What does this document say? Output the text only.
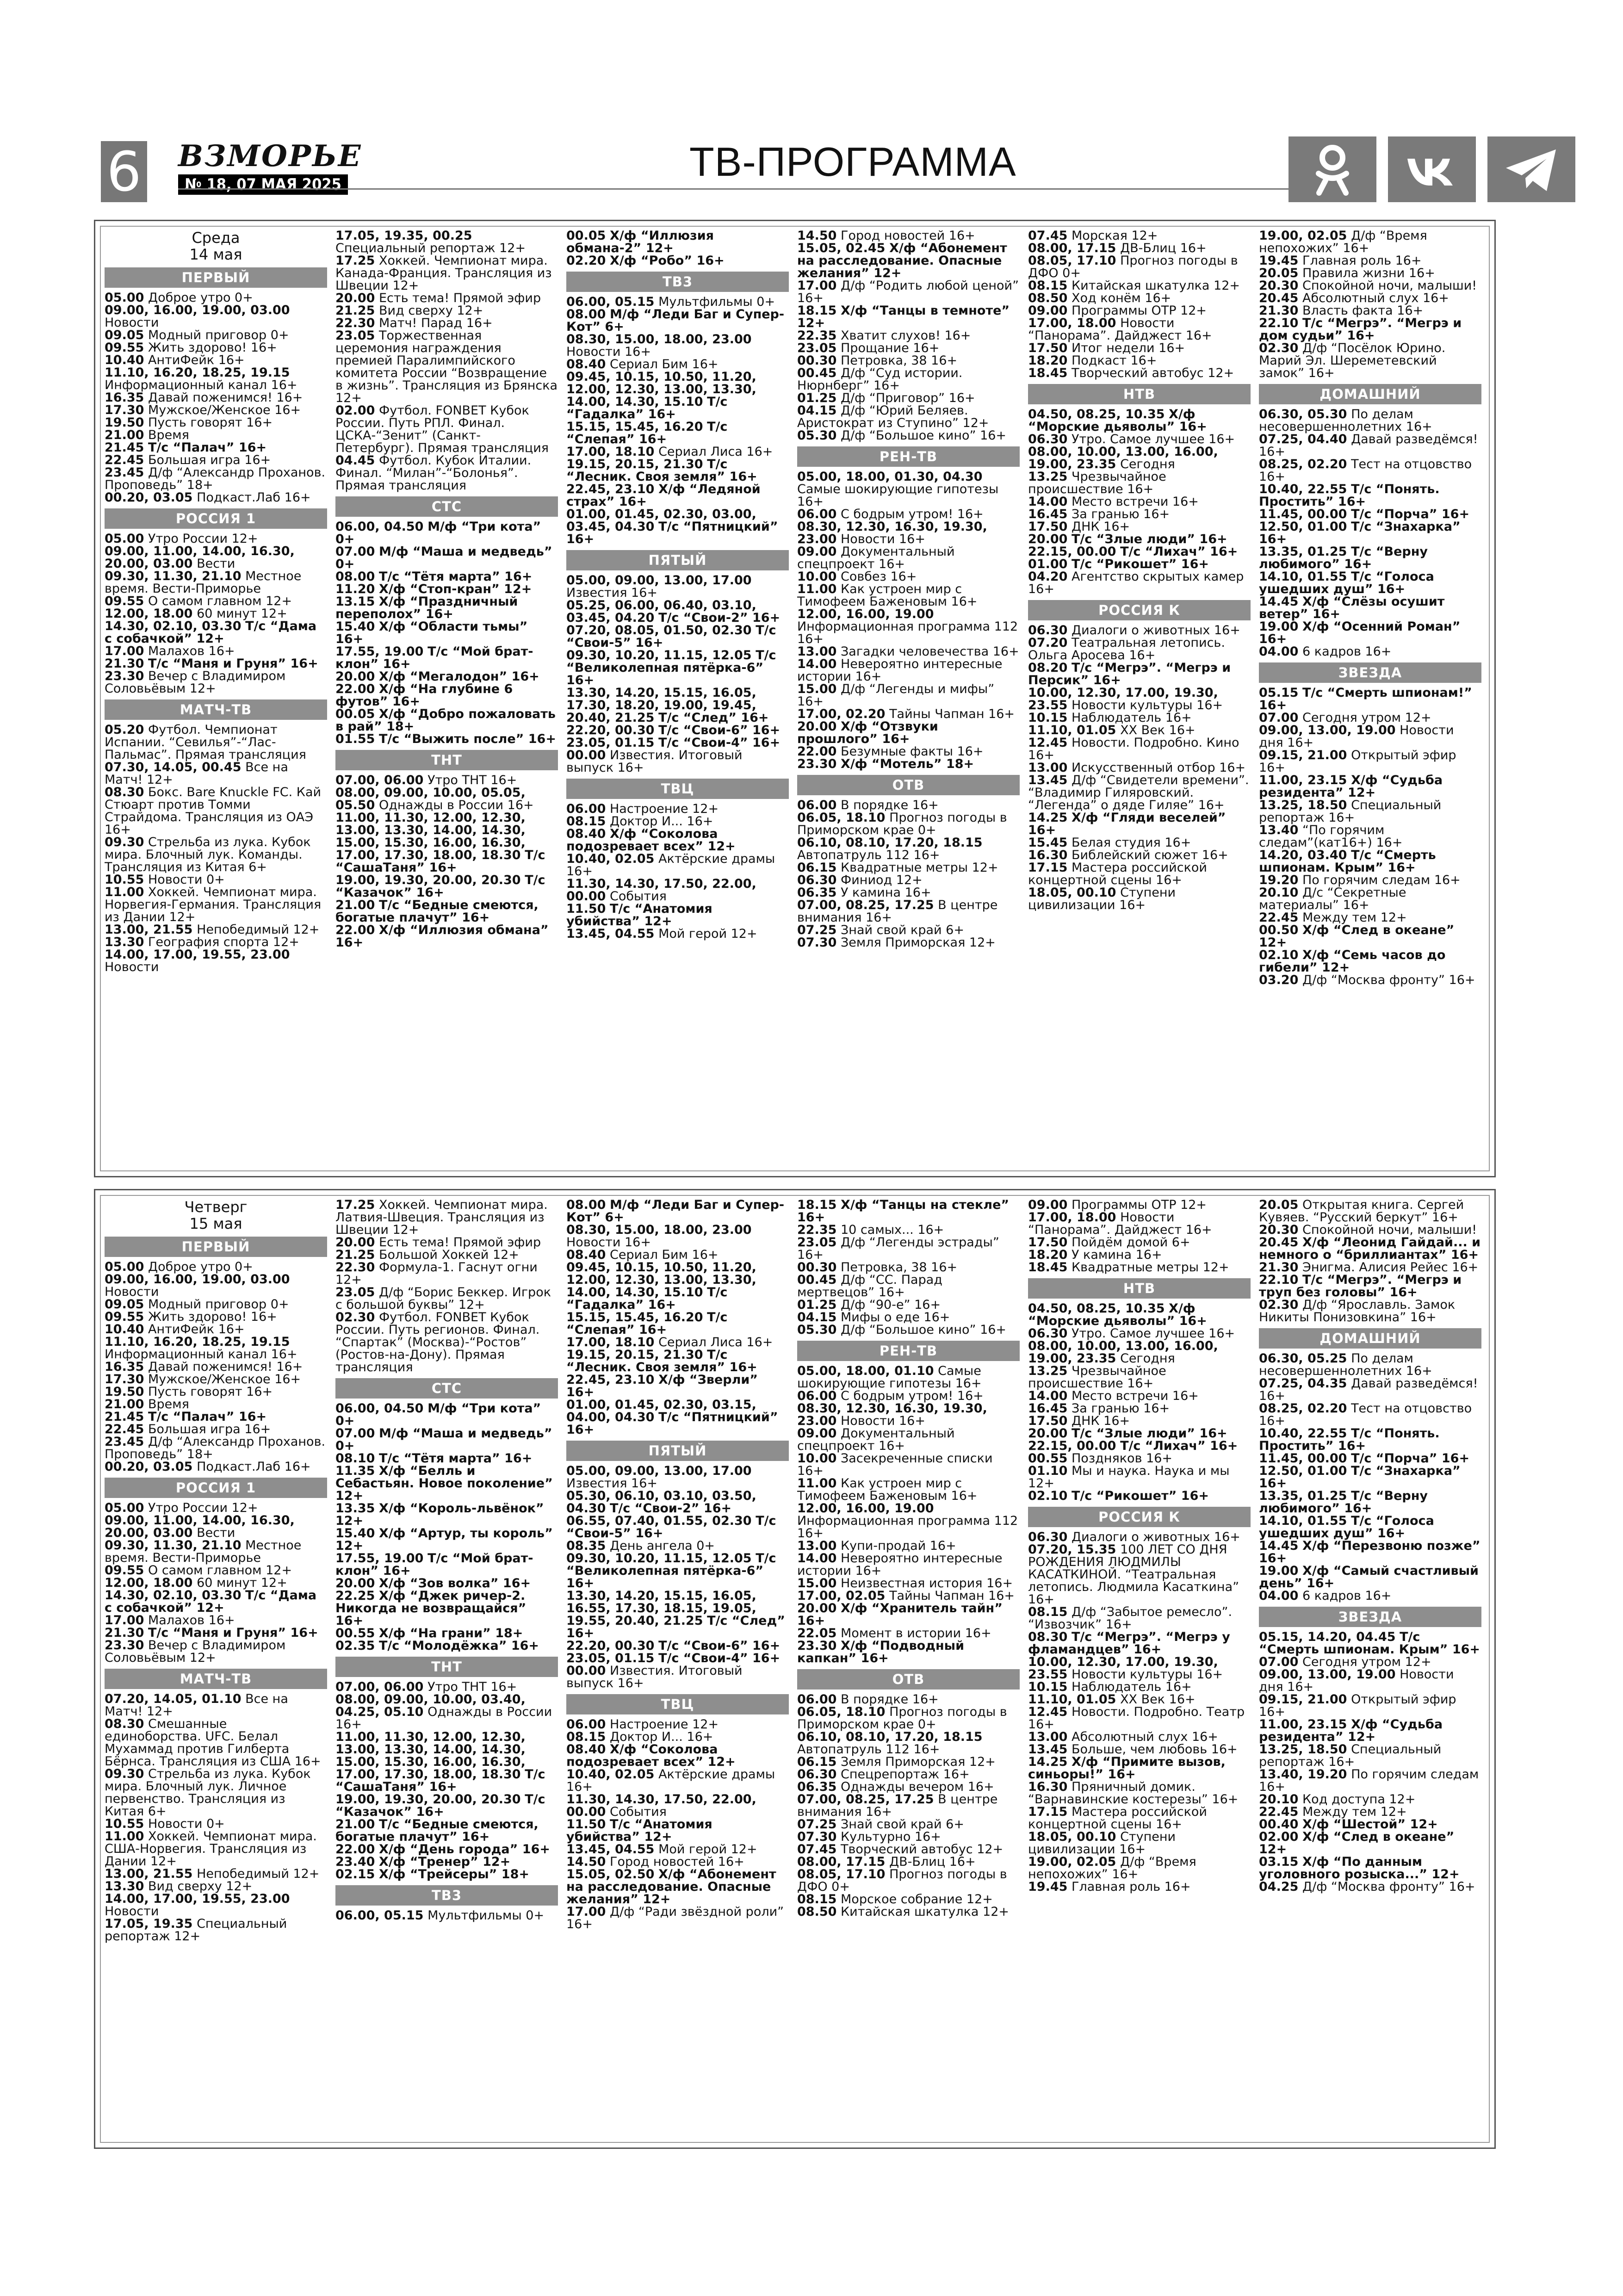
6 ВЗМОРЬЕ
№ 18, 07 МАЯ 2025	ТВ-ПРОГРАММА
Среда
14 мая
ПЕРВЫЙ

05.00 Доброе утро 0+

09.00, 16.00, 19.00, 03.00 Новости

09.05 Модный приговор 0+

09.55 Жить здорово! 16+

10.40 АнтиФейк 16+

11.10, 16.20, 18.25, 19.15 Информационный канал 16+

16.35 Давай поженимся! 16+

17.30 Мужское/Женское 16+

19.50 Пусть говорят 16+

21.00 Время

21.45 Т/с “Палач” 16+

22.45 Большая игра 16+

23.45 Д/ф “Александр Проханов. Проповедь” 18+

00.20, 03.05 Подкаст.Лаб 16+

РОССИЯ 1

05.00 Утро России 12+

09.00, 11.00, 14.00, 16.30, 20.00, 03.00 Вести

09.30, 11.30, 21.10 Местное время. Вести-Приморье

09.55 О самом главном 12+

12.00, 18.00 60 минут 12+

14.30, 02.10, 03.30 Т/с “Дама с собачкой” 12+

17.00 Малахов 16+

21.30 Т/с “Маня и Груня” 16+

23.30 Вечер с Владимиром Соловьёвым 12+

МАТЧ-ТВ

05.20 Футбол. Чемпионат Испании. “Севилья”-“Лас-Пальмас”. Прямая трансляция

07.30, 14.05, 00.45 Все на Матч! 12+

08.30 Бокс. Bare Knuckle FC. Кай Стюарт против Томми Страйдома. Трансляция из ОАЭ 16+

09.30 Стрельба из лука. Кубок мира. Блочный лук. Команды. Трансляция из Китая 6+

10.55 Новости 0+

11.00 Хоккей. Чемпионат мира. Норвегия-Германия. Трансляция из Дании 12+

13.00, 21.55 Непобедимый 12+

13.30 География спорта 12+

14.00, 17.00, 19.55, 23.00 Новости

17.05, 19.35, 00.25 Специальный репортаж 12+

17.25 Хоккей. Чемпионат мира. Канада-Франция. Трансляция из Швеции 12+

20.00 Есть тема! Прямой эфир

21.25 Вид сверху 12+

22.30 Матч! Парад 16+

23.05 Торжественная церемония награждения премией Паралимпийского комитета России “Возвращение в жизнь”. Трансляция из Брянска 12+

02.00 Футбол. FONBET Кубок России. Путь РПЛ. Финал. ЦСКА-“Зенит” (Санкт-Петербург). Прямая трансляция

04.45 Футбол. Кубок Италии. Финал. “Милан”-“Болонья”. Прямая трансляция

СТС

06.00, 04.50 М/ф “Три кота” 0+

07.00 М/ф “Маша и медведь” 0+

08.00 Т/с “Тётя марта” 16+

11.20 Х/ф “Стоп-кран” 12+

13.15 Х/ф “Праздничный переполох” 16+

15.40 Х/ф “Области тьмы” 16+

17.55, 19.00 Т/с “Мой брат-клон” 16+

20.00 Х/ф “Мегалодон” 16+

22.00 Х/ф “На глубине 6 футов” 16+

00.05 Х/ф “Добро пожаловать в рай” 18+

01.55 Т/с “Выжить после” 16+

ТНТ

07.00, 06.00 Утро ТНТ 16+

08.00, 09.00, 10.00, 05.05, 05.50 Однажды в России 16+

11.00, 11.30, 12.00, 12.30, 13.00, 13.30, 14.00, 14.30, 15.00, 15.30, 16.00, 16.30, 17.00, 17.30, 18.00, 18.30 Т/с “СашаТаня” 16+

19.00, 19.30, 20.00, 20.30 Т/с “Казачок” 16+

21.00 Т/с “Бедные смеются, богатые плачут” 16+

22.00 Х/ф “Иллюзия обмана” 16+

00.05 Х/ф “Иллюзия обмана-2” 12+

02.20 Х/ф “Робо” 16+

ТВ3

06.00, 05.15 Мультфильмы 0+

08.00 М/ф “Леди Баг и Супер-Кот” 6+

08.30, 15.00, 18.00, 23.00 Новости 16+

08.40 Сериал Бим 16+

09.45, 10.15, 10.50, 11.20, 12.00, 12.30, 13.00, 13.30, 14.00, 14.30, 15.10 Т/с “Гадалка” 16+

15.15, 15.45, 16.20 Т/с “Слепая” 16+

17.00, 18.10 Сериал Лиса 16+

19.15, 20.15, 21.30 Т/с “Лесник. Своя земля” 16+

22.45, 23.10 Х/ф “Ледяной страх” 16+

01.00, 01.45, 02.30, 03.00, 03.45, 04.30 Т/с “Пятницкий” 16+

ПЯТЫЙ

05.00, 09.00, 13.00, 17.00 Известия 16+

05.25, 06.00, 06.40, 03.10, 03.45, 04.20 Т/с “Свои-2” 16+

07.20, 08.05, 01.50, 02.30 Т/с “Свои-5” 16+

09.30, 10.20, 11.15, 12.05 Т/с “Великолепная пятёрка-6” 16+

13.30, 14.20, 15.15, 16.05, 17.30, 18.20, 19.00, 19.45, 20.40, 21.25 Т/с “След” 16+

22.20, 00.30 Т/с “Свои-6” 16+

23.05, 01.15 Т/с “Свои-4” 16+

00.00 Известия. Итоговый выпуск 16+

ТВЦ

06.00 Настроение 12+

08.15 Доктор И... 16+

08.40 Х/ф “Соколова подозревает всех” 12+

10.40, 02.05 Актёрские драмы 16+

11.30, 14.30, 17.50, 22.00, 00.00 События

11.50 Т/с “Анатомия убийства” 12+

13.45, 04.55 Мой герой 12+

14.50 Город новостей 16+

15.05, 02.45 Х/ф “Абонемент на расследование. Опасные желания” 12+

17.00 Д/ф “Родить любой ценой” 16+

18.15 Х/ф “Танцы в темноте” 12+

22.35 Хватит слухов! 16+

23.05 Прощание 16+

00.30 Петровка, 38 16+

00.45 Д/ф “Суд истории. Нюрнберг” 16+

01.25 Д/ф “Приговор” 16+

04.15 Д/ф “Юрий Беляев. Аристократ из Ступино” 12+

05.30 Д/ф “Большое кино” 16+

РЕН-ТВ

05.00, 18.00, 01.30, 04.30 Самые шокирующие гипотезы 16+

06.00 С бодрым утром! 16+

08.30, 12.30, 16.30, 19.30, 23.00 Новости 16+

09.00 Документальный спецпроект 16+

10.00 Совбез 16+

11.00 Как устроен мир с Тимофеем Баженовым 16+

12.00, 16.00, 19.00 Информационная программа 112 16+

13.00 Загадки человечества 16+

14.00 Невероятно интересные истории 16+

15.00 Д/ф “Легенды и мифы” 16+

17.00, 02.20 Тайны Чапман 16+

20.00 Х/ф “Отзвуки прошлого” 16+

22.00 Безумные факты 16+

23.30 Х/ф “Мотель” 18+

ОТВ

06.00 В порядке 16+

06.05, 18.10 Прогноз погоды в Приморском крае 0+

06.10, 08.10, 17.20, 18.15 Автопатруль 112 16+

06.15 Квадратные метры 12+

06.30 Финиод 12+

06.35 У камина 16+

07.00, 08.25, 17.25 В центре внимания 16+

07.25 Знай свой край 6+

07.30 Земля Приморская 12+

07.45 Морская 12+

08.00, 17.15 ДВ-Блиц 16+

08.05, 17.10 Прогноз погоды в ДФО 0+

08.15 Китайская шкатулка 12+

08.50 Ход конём 16+

09.00 Программы ОТР 12+

17.00, 18.00 Новости “Панорама”. Дайджест 16+

17.50 Итог недели 16+

18.20 Подкаст 16+

18.45 Творческий автобус 12+

НТВ

04.50, 08.25, 10.35 Х/ф “Морские дьяволы” 16+

06.30 Утро. Самое лучшее 16+

08.00, 10.00, 13.00, 16.00, 19.00, 23.35 Сегодня

13.25 Чрезвычайное происшествие 16+

14.00 Место встречи 16+

16.45 За гранью 16+

17.50 ДНК 16+

20.00 Т/с “Злые люди” 16+

22.15, 00.00 Т/с “Лихач” 16+

01.00 Т/с “Рикошет” 16+

04.20 Агентство скрытых камер 16+

РОССИЯ К

06.30 Диалоги о животных 16+

07.20 Театральная летопись. Ольга Аросева 16+

08.20 Т/с “Мегрэ”. “Мегрэ и Персик” 16+

10.00, 12.30, 17.00, 19.30, 23.55 Новости культуры 16+

10.15 Наблюдатель 16+

11.10, 01.05 XX Век 16+

12.45 Новости. Подробно. Кино 16+

13.00 Искусственный отбор 16+

13.45 Д/ф “Свидетели времени”. “Владимир Гиляровский. “Легенда” о дяде Гиляе” 16+

14.25 Х/ф “Гляди веселей” 16+

15.45 Белая студия 16+

16.30 Библейский сюжет 16+

17.15 Мастера российской концертной сцены 16+

18.05, 00.10 Ступени цивилизации 16+

19.00, 02.05 Д/ф “Время непохожих” 16+

19.45 Главная роль 16+

20.05 Правила жизни 16+

20.30 Спокойной ночи, малыши!

20.45 Абсолютный слух 16+

21.30 Власть факта 16+

22.10 Т/с “Мегрэ”. “Мегрэ и дом судьи” 16+

02.30 Д/ф “Посёлок Юрино. Марий Эл. Шереметевский замок” 16+

ДОМАШНИЙ

06.30, 05.30 По делам несовершеннолетних 16+

07.25, 04.40 Давай разведёмся! 16+

08.25, 02.20 Тест на отцовство 16+

10.40, 22.55 Т/с “Понять. Простить” 16+

11.45, 00.00 Т/с “Порча” 16+

12.50, 01.00 Т/с “Знахарка” 16+

13.35, 01.25 Т/с “Верну любимого” 16+

14.10, 01.55 Т/с “Голоса ушедших душ” 16+

14.45 Х/ф “Слёзы осушит ветер” 16+

19.00 Х/ф “Осенний Роман” 16+

04.00 6 кадров 16+

ЗВЕЗДА

05.15 Т/с “Смерть шпионам!” 16+

07.00 Сегодня утром 12+

09.00, 13.00, 19.00 Новости дня 16+

09.15, 21.00 Открытый эфир 16+

11.00, 23.15 Х/ф “Судьба резидента” 12+

13.25, 18.50 Специальный репортаж 16+

13.40 “По горячим следам”(кат16+) 16+

14.20, 03.40 Т/с “Смерть шпионам. Крым” 16+

19.20 По горячим следам 16+

20.10 Д/с “Секретные материалы” 16+

22.45 Между тем 12+

00.50 Х/ф “След в океане” 12+

02.10 Х/ф “Семь часов до гибели” 12+

03.20 Д/ф “Москва фронту” 16+

Четверг
15 мая
ПЕРВЫЙ

05.00 Доброе утро 0+

09.00, 16.00, 19.00, 03.00 Новости

09.05 Модный приговор 0+

09.55 Жить здорово! 16+

10.40 АнтиФейк 16+

11.10, 16.20, 18.25, 19.15 Информационный канал 16+

16.35 Давай поженимся! 16+

17.30 Мужское/Женское 16+

19.50 Пусть говорят 16+

21.00 Время

21.45 Т/с “Палач” 16+

22.45 Большая игра 16+

23.45 Д/ф “Александр Проханов. Проповедь” 18+

00.20, 03.05 Подкаст.Лаб 16+

РОССИЯ 1

05.00 Утро России 12+

09.00, 11.00, 14.00, 16.30, 20.00, 03.00 Вести

09.30, 11.30, 21.10 Местное время. Вести-Приморье

09.55 О самом главном 12+

12.00, 18.00 60 минут 12+

14.30, 02.10, 03.30 Т/с “Дама с собачкой” 12+

17.00 Малахов 16+

21.30 Т/с “Маня и Груня” 16+

23.30 Вечер с Владимиром Соловьёвым 12+

МАТЧ-ТВ

07.20, 14.05, 01.10 Все на Матч! 12+

08.30 Смешанные единоборства. UFC. Белал Мухаммад против Гилберта Бёрнса. Трансляция из США 16+

09.30 Стрельба из лука. Кубок мира. Блочный лук. Личное первенство. Трансляция из Китая 6+

10.55 Новости 0+

11.00 Хоккей. Чемпионат мира. США-Норвегия. Трансляция из Дании 12+

13.00, 21.55 Непобедимый 12+

13.30 Вид сверху 12+

14.00, 17.00, 19.55, 23.00 Новости

17.05, 19.35 Специальный репортаж 12+

17.25 Хоккей. Чемпионат мира. Латвия-Швеция. Трансляция из Швеции 12+

20.00 Есть тема! Прямой эфир

21.25 Большой Хоккей 12+

22.30 Формула-1. Гаснут огни 12+

23.05 Д/ф “Борис Беккер. Игрок с большой буквы” 12+

02.30 Футбол. FONBET Кубок России. Путь регионов. Финал. “Спартак” (Москва)-“Ростов” (Ростов-на-Дону). Прямая трансляция

СТС

06.00, 04.50 М/ф “Три кота” 0+

07.00 М/ф “Маша и медведь” 0+

08.10 Т/с “Тётя марта” 16+

11.35 Х/ф “Белль и Себастьян. Новое поколение” 12+

13.35 Х/ф “Король-львёнок” 12+

15.40 Х/ф “Артур, ты король” 12+

17.55, 19.00 Т/с “Мой брат-клон” 16+

20.00 Х/ф “Зов волка” 16+

22.25 Х/ф “Джек ричер-2. Никогда не возвращайся” 16+

00.55 Х/ф “На грани” 18+

02.35 Т/с “Молодёжка” 16+

ТНТ

07.00, 06.00 Утро ТНТ 16+

08.00, 09.00, 10.00, 03.40, 04.25, 05.10 Однажды в России 16+

11.00, 11.30, 12.00, 12.30, 13.00, 13.30, 14.00, 14.30, 15.00, 15.30, 16.00, 16.30, 17.00, 17.30, 18.00, 18.30 Т/с “СашаТаня” 16+

19.00, 19.30, 20.00, 20.30 Т/с “Казачок” 16+

21.00 Т/с “Бедные смеются, богатые плачут” 16+

22.00 Х/ф “День города” 16+

23.40 Х/ф “Тренер” 12+

02.15 Х/ф “Трейсеры” 18+

ТВ3

06.00, 05.15 Мультфильмы 0+

08.00 М/ф “Леди Баг и Супер-Кот” 6+

08.30, 15.00, 18.00, 23.00 Новости 16+

08.40 Сериал Бим 16+

09.45, 10.15, 10.50, 11.20, 12.00, 12.30, 13.00, 13.30, 14.00, 14.30, 15.10 Т/с “Гадалка” 16+

15.15, 15.45, 16.20 Т/с “Слепая” 16+

17.00, 18.10 Сериал Лиса 16+

19.15, 20.15, 21.30 Т/с “Лесник. Своя земля” 16+

22.45, 23.10 Х/ф “Зверли” 16+

01.00, 01.45, 02.30, 03.15, 04.00, 04.30 Т/с “Пятницкий” 16+

ПЯТЫЙ

05.00, 09.00, 13.00, 17.00 Известия 16+

05.30, 06.10, 03.10, 03.50, 04.30 Т/с “Свои-2” 16+

06.55, 07.40, 01.55, 02.30 Т/с “Свои-5” 16+

08.35 День ангела 0+

09.30, 10.20, 11.15, 12.05 Т/с “Великолепная пятёрка-6” 16+

13.30, 14.20, 15.15, 16.05, 16.55, 17.30, 18.15, 19.05, 19.55, 20.40, 21.25 Т/с “След” 16+

22.20, 00.30 Т/с “Свои-6” 16+

23.05, 01.15 Т/с “Свои-4” 16+

00.00 Известия. Итоговый выпуск 16+

ТВЦ

06.00 Настроение 12+

08.15 Доктор И... 16+

08.40 Х/ф “Соколова подозревает всех” 12+

10.40, 02.05 Актёрские драмы 16+

11.30, 14.30, 17.50, 22.00, 00.00 События

11.50 Т/с “Анатомия убийства” 12+

13.45, 04.55 Мой герой 12+

14.50 Город новостей 16+

15.05, 02.50 Х/ф “Абонемент на расследование. Опасные желания” 12+

17.00 Д/ф “Ради звёздной роли” 16+

18.15 Х/ф “Танцы на стекле” 16+

22.35 10 самых... 16+

23.05 Д/ф “Легенды эстрады” 16+

00.30 Петровка, 38 16+

00.45 Д/ф “СС. Парад мертвецов” 16+

01.25 Д/ф “90-е” 16+

04.15 Мифы о еде 16+

05.30 Д/ф “Большое кино” 16+

РЕН-ТВ

05.00, 18.00, 01.10 Самые шокирующие гипотезы 16+

06.00 С бодрым утром! 16+

08.30, 12.30, 16.30, 19.30, 23.00 Новости 16+

09.00 Документальный спецпроект 16+

10.00 Засекреченные списки 16+

11.00 Как устроен мир с Тимофеем Баженовым 16+

12.00, 16.00, 19.00 Информационная программа 112 16+

13.00 Купи-продай 16+

14.00 Невероятно интересные истории 16+

15.00 Неизвестная история 16+

17.00, 02.05 Тайны Чапман 16+

20.00 Х/ф “Хранитель тайн” 16+

22.05 Момент в истории 16+

23.30 Х/ф “Подводный капкан” 16+

ОТВ

06.00 В порядке 16+

06.05, 18.10 Прогноз погоды в Приморском крае 0+

06.10, 08.10, 17.20, 18.15 Автопатруль 112 16+

06.15 Земля Приморская 12+

06.30 Спецрепортаж 16+

06.35 Однажды вечером 16+

07.00, 08.25, 17.25 В центре внимания 16+

07.25 Знай свой край 6+

07.30 Культурно 16+

07.45 Творческий автобус 12+

08.00, 17.15 ДВ-Блиц 16+

08.05, 17.10 Прогноз погоды в ДФО 0+

08.15 Морское собрание 12+

08.50 Китайская шкатулка 12+

09.00 Программы ОТР 12+

17.00, 18.00 Новости “Панорама”. Дайджест 16+

17.50 Пойдём домой 6+

18.20 У камина 16+

18.45 Квадратные метры 12+

НТВ

04.50, 08.25, 10.35 Х/ф “Морские дьяволы” 16+

06.30 Утро. Самое лучшее 16+

08.00, 10.00, 13.00, 16.00, 19.00, 23.35 Сегодня

13.25 Чрезвычайное происшествие 16+

14.00 Место встречи 16+

16.45 За гранью 16+

17.50 ДНК 16+

20.00 Т/с “Злые люди” 16+

22.15, 00.00 Т/с “Лихач” 16+

00.55 Поздняков 16+

01.10 Мы и наука. Наука и мы 12+

02.10 Т/с “Рикошет” 16+

РОССИЯ К

06.30 Диалоги о животных 16+

07.20, 15.35 100 ЛЕТ СО ДНЯ РОЖДЕНИЯ ЛЮДМИЛЫ КАСАТКИНОЙ. “Театральная летопись. Людмила Касаткина” 16+

08.15 Д/ф “Забытое ремесло”. “Извозчик” 16+

08.30 Т/с “Мегрэ”. “Мегрэ у фламандцев” 16+

10.00, 12.30, 17.00, 19.30, 23.55 Новости культуры 16+

10.15 Наблюдатель 16+

11.10, 01.05 XX Век 16+

12.45 Новости. Подробно. Театр 16+

13.00 Абсолютный слух 16+

13.45 Больше, чем любовь 16+

14.25 Х/ф “Примите вызов, синьоры!” 16+

16.30 Пряничный домик. “Варнавинские костерезы” 16+

17.15 Мастера российской концертной сцены 16+

18.05, 00.10 Ступени цивилизации 16+

19.00, 02.05 Д/ф “Время непохожих” 16+

19.45 Главная роль 16+

20.05 Открытая книга. Сергей Кувяев. “Русский беркут” 16+

20.30 Спокойной ночи, малыши!

20.45 Х/ф “Леонид Гайдай... и немного о “бриллиантах” 16+

21.30 Энигма. Алисия Рейес 16+

22.10 Т/с “Мегрэ”. “Мегрэ и труп без головы” 16+

02.30 Д/ф “Ярославль. Замок Никиты Понизовкина” 16+

ДОМАШНИЙ

06.30, 05.25 По делам несовершеннолетних 16+

07.25, 04.35 Давай разведёмся! 16+

08.25, 02.20 Тест на отцовство 16+

10.40, 22.55 Т/с “Понять. Простить” 16+

11.45, 00.00 Т/с “Порча” 16+

12.50, 01.00 Т/с “Знахарка” 16+

13.35, 01.25 Т/с “Верну любимого” 16+

14.10, 01.55 Т/с “Голоса ушедших душ” 16+

14.45 Х/ф “Перезвоню позже” 16+

19.00 Х/ф “Самый счастливый день” 16+

04.00 6 кадров 16+

ЗВЕЗДА

05.15, 14.20, 04.45 Т/с “Смерть шпионам. Крым” 16+

07.00 Сегодня утром 12+

09.00, 13.00, 19.00 Новости дня 16+

09.15, 21.00 Открытый эфир 16+

11.00, 23.15 Х/ф “Судьба резидента” 12+

13.25, 18.50 Специальный репортаж 16+

13.40, 19.20 По горячим следам 16+

20.10 Код доступа 12+

22.45 Между тем 12+

00.40 Х/ф “Шестой” 12+

02.00 Х/ф “След в океане” 12+

03.15 Х/ф “По данным уголовного розыска...” 12+

04.25 Д/ф “Москва фронту” 16+
